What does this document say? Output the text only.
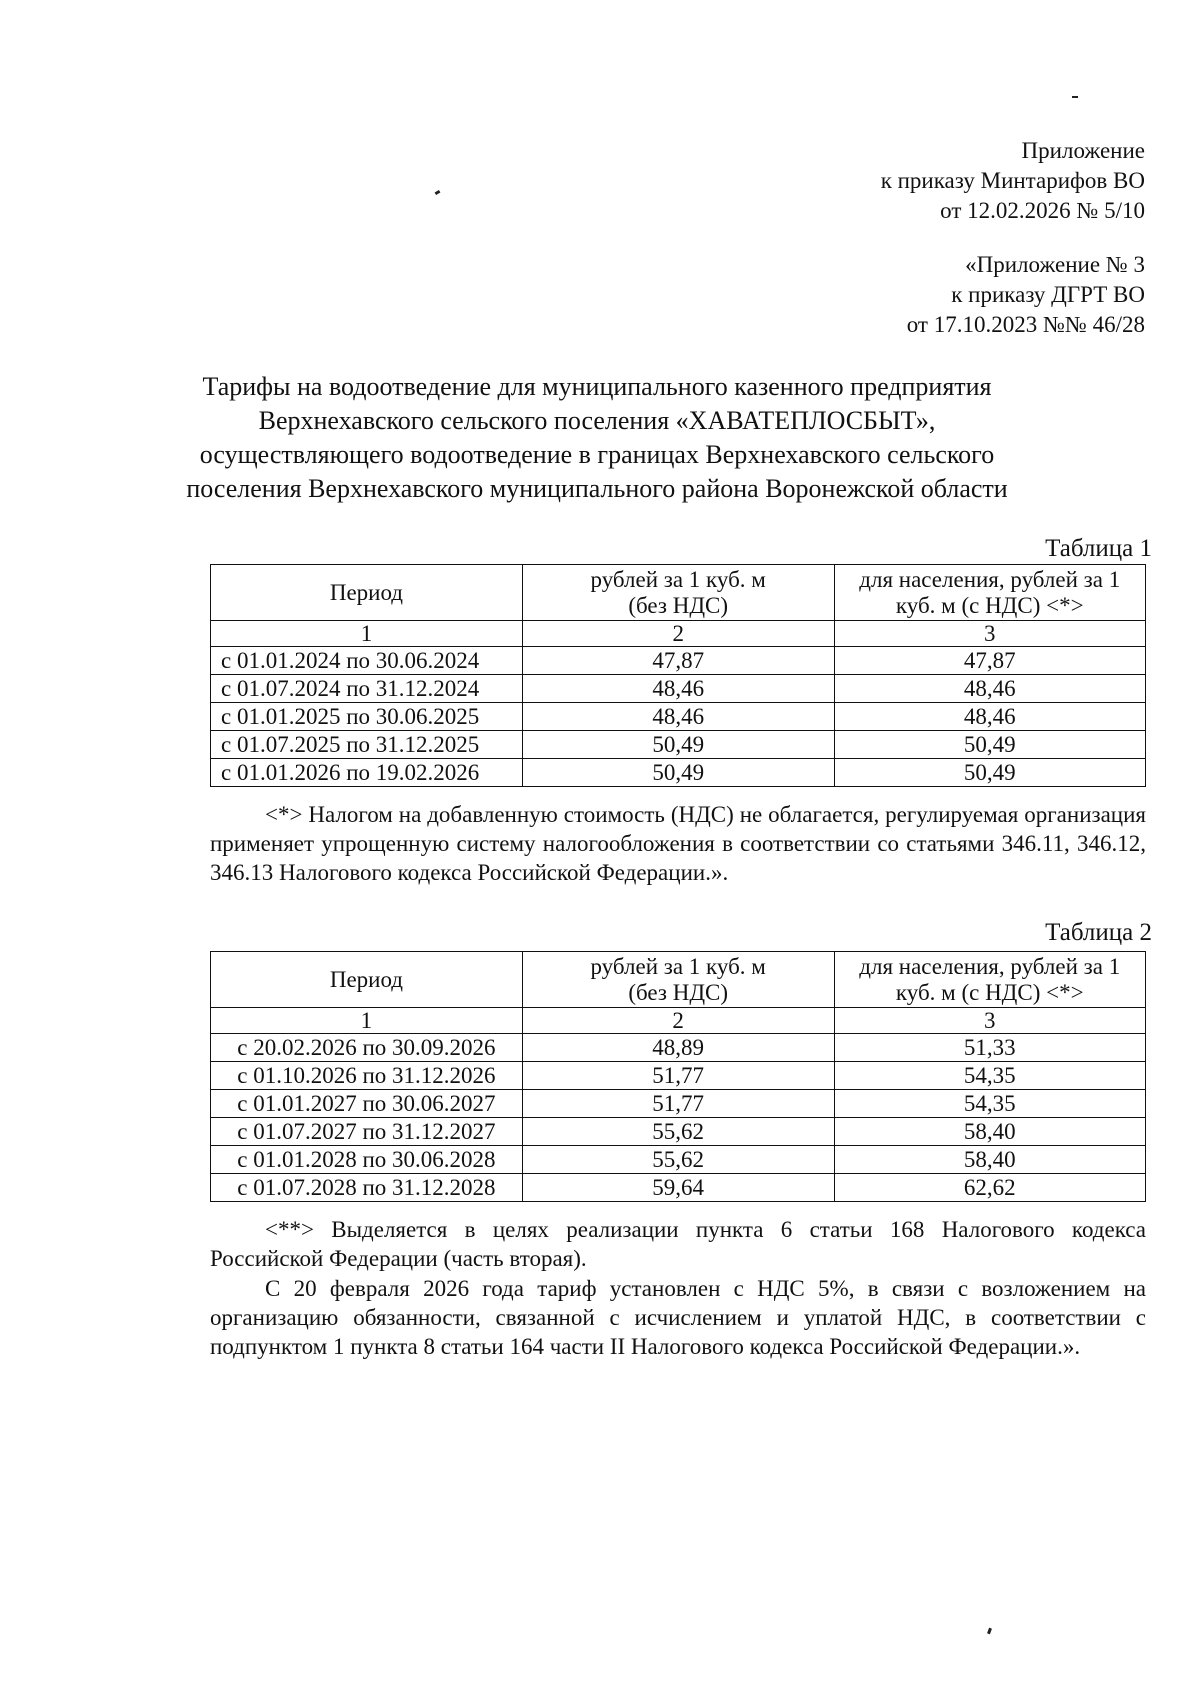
Приложение
к приказу Минтарифов ВО
от 12.02.2026 № 5/10
«Приложение № 3
к приказу ДГРТ ВО
от 17.10.2023 №№ 46/28
Тарифы на водоотведение для муниципального казенного предприятия
Верхнехавского сельского поселения «ХАВАТЕПЛОСБЫТ»,
осуществляющего водоотведение в границах Верхнехавского сельского
поселения Верхнехавского муниципального района Воронежской области
Таблица 1
Период	рублей за 1 куб. м (без НДС)	для населения, рублей за 1 куб. м (с НДС) <*>
1	2	3
с 01.01.2024 по 30.06.2024	47,87	47,87
с 01.07.2024 по 31.12.2024	48,46	48,46
с 01.01.2025 по 30.06.2025	48,46	48,46
с 01.07.2025 по 31.12.2025	50,49	50,49
с 01.01.2026 по 19.02.2026	50,49	50,49
<*> Налогом на добавленную стоимость (НДС) не облагается, регулируемая организация применяет упрощенную систему налогообложения в соответствии со статьями 346.11, 346.12, 346.13 Налогового кодекса Российской Федерации.».
Таблица 2
Период	рублей за 1 куб. м (без НДС)	для населения, рублей за 1 куб. м (с НДС) <*>
1	2	3
с 20.02.2026 по 30.09.2026	48,89	51,33
с 01.10.2026 по 31.12.2026	51,77	54,35
с 01.01.2027 по 30.06.2027	51,77	54,35
с 01.07.2027 по 31.12.2027	55,62	58,40
с 01.01.2028 по 30.06.2028	55,62	58,40
с 01.07.2028 по 31.12.2028	59,64	62,62
<**> Выделяется в целях реализации пункта 6 статьи 168 Налогового кодекса Российской Федерации (часть вторая).
С 20 февраля 2026 года тариф установлен с НДС 5%, в связи с возложением на организацию обязанности, связанной с исчислением и уплатой НДС, в соответствии с подпунктом 1 пункта 8 статьи 164 части II Налогового кодекса Российской Федерации.».
